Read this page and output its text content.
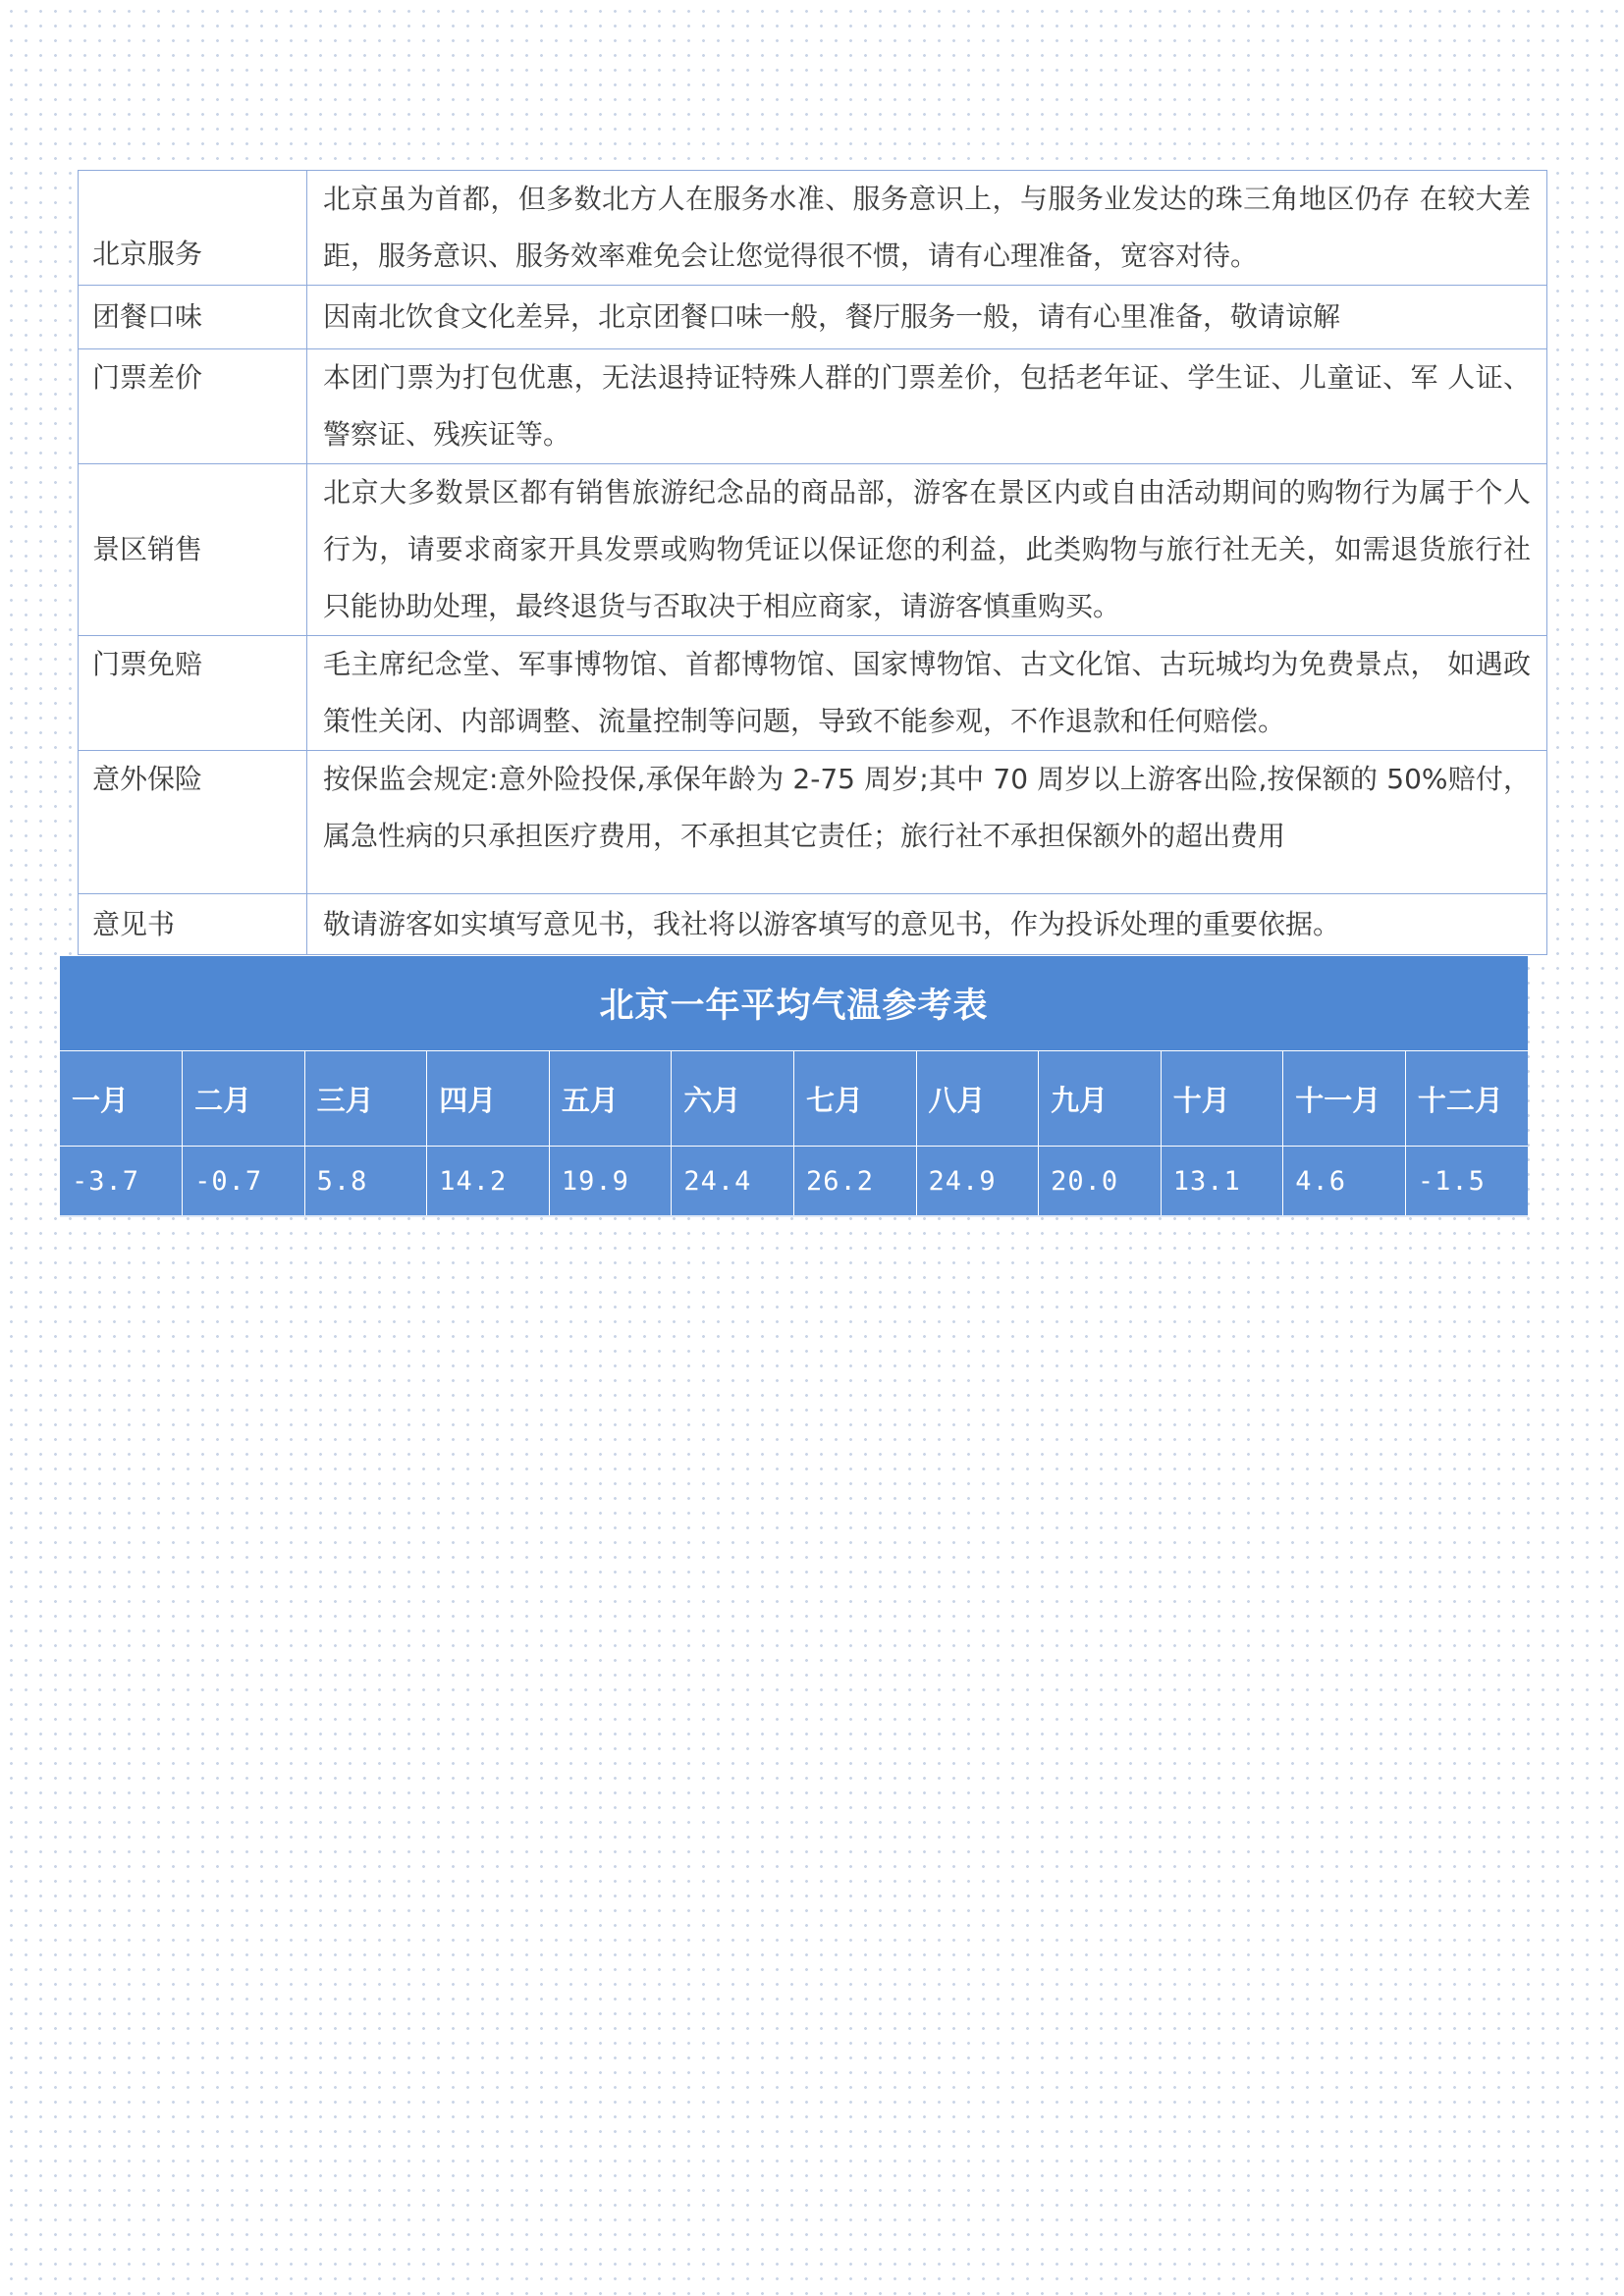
北京服务	北京虽为首都，但多数北方人在服务水准、服务意识上，与服务业发达的珠三角地区仍存 在较大差距，服务意识、服务效率难免会让您觉得很不惯，请有心理准备，宽容对待。
团餐口味	因南北饮食文化差异，北京团餐口味一般，餐厅服务一般，请有心里准备，敬请谅解
门票差价	本团门票为打包优惠，无法退持证特殊人群的门票差价，包括老年证、学生证、儿童证、军 人证、警察证、残疾证等。
景区销售	北京大多数景区都有销售旅游纪念品的商品部，游客在景区内或自由活动期间的购物行为属于个人行为，请要求商家开具发票或购物凭证以保证您的利益，此类购物与旅行社无关，如需退货旅行社只能协助处理，最终退货与否取决于相应商家，请游客慎重购买。
门票免赔	毛主席纪念堂、军事博物馆、首都博物馆、国家博物馆、古文化馆、古玩城均为免费景点， 如遇政策性关闭、内部调整、流量控制等问题，导致不能参观，不作退款和任何赔偿。
意外保险	按保监会规定:意外险投保,承保年龄为 2-75 周岁;其中 70 周岁以上游客出险,按保额的 50%赔付，属急性病的只承担医疗费用，不承担其它责任；旅行社不承担保额外的超出费用
意见书	敬请游客如实填写意见书，我社将以游客填写的意见书，作为投诉处理的重要依据。
北京一年平均气温参考表											
一月	二月	三月	四月	五月	六月	七月	八月	九月	十月	十一月	十二月
-3.7	-0.7	5.8	14.2	19.9	24.4	26.2	24.9	20.0	13.1	4.6	-1.5
